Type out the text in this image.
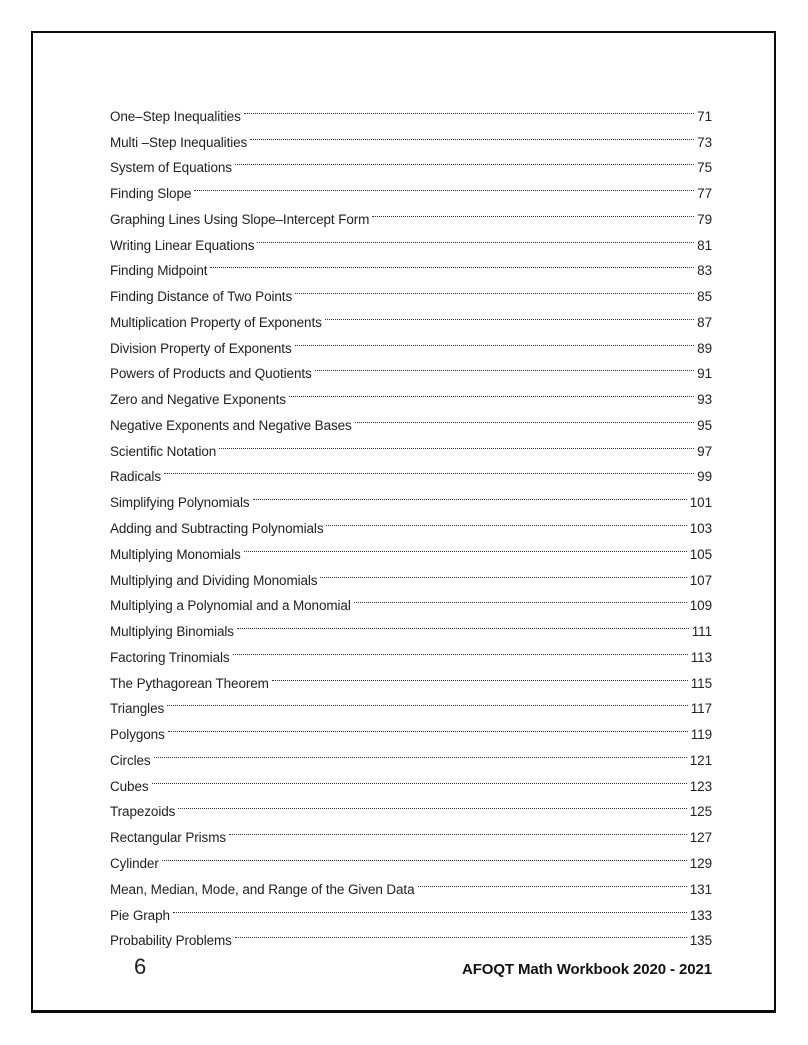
One–Step Inequalities	71
Multi –Step Inequalities	73
System of Equations	75
Finding Slope	77
Graphing Lines Using Slope–Intercept Form	79
Writing Linear Equations	81
Finding Midpoint	83
Finding Distance of Two Points	85
Multiplication Property of Exponents	87
Division Property of Exponents	89
Powers of Products and Quotients	91
Zero and Negative Exponents	93
Negative Exponents and Negative Bases	95
Scientific Notation	97
Radicals	99
Simplifying Polynomials	101
Adding and Subtracting Polynomials	103
Multiplying Monomials	105
Multiplying and Dividing Monomials	107
Multiplying a Polynomial and a Monomial	109
Multiplying Binomials	111
Factoring Trinomials	113
The Pythagorean Theorem	115
Triangles	117
Polygons	119
Circles	121
Cubes	123
Trapezoids	125
Rectangular Prisms	127
Cylinder	129
Mean, Median, Mode, and Range of the Given Data	131
Pie Graph	133
Probability Problems	135
6	AFOQT Math Workbook 2020 - 2021
